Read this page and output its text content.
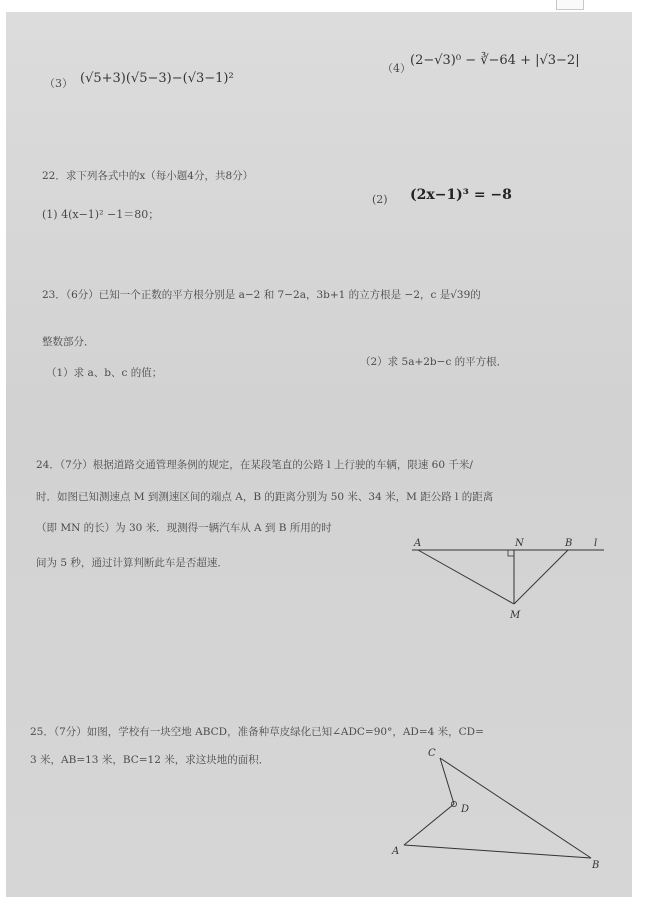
（3） (√5+3)(√5−3)−(√3−1)²
（4）
(2−√3)⁰ − ∛−64 + |√3−2|
22．求下列各式中的x（每小题4分，共8分）
(1) 4(x−1)² −1＝80；
(2) (2x−1)³ = −8
23．（6分）已知一个正数的平方根分别是 a−2 和 7−2a，3b+1 的立方根是 −2，c 是√39的
整数部分．
（1）求 a、b、c 的值；
（2）求 5a+2b−c 的平方根．
24．（7分）根据道路交通管理条例的规定，在某段笔直的公路 l 上行驶的车辆，限速 60 千米/
时．如图已知测速点 M 到测速区间的端点 A，B 的距离分别为 50 米、34 米，M 距公路 l 的距离
（即 MN 的长）为 30 米．现测得一辆汽车从 A 到 B 所用的时
间为 5 秒，通过计算判断此车是否超速．
A	N	B l
M
25．（7分）如图，学校有一块空地 ABCD，准备种草皮绿化已知∠ADC=90°，AD=4 米，CD=
3 米，AB=13 米，BC=12 米，求这块地的面积．
C
D
A
B
